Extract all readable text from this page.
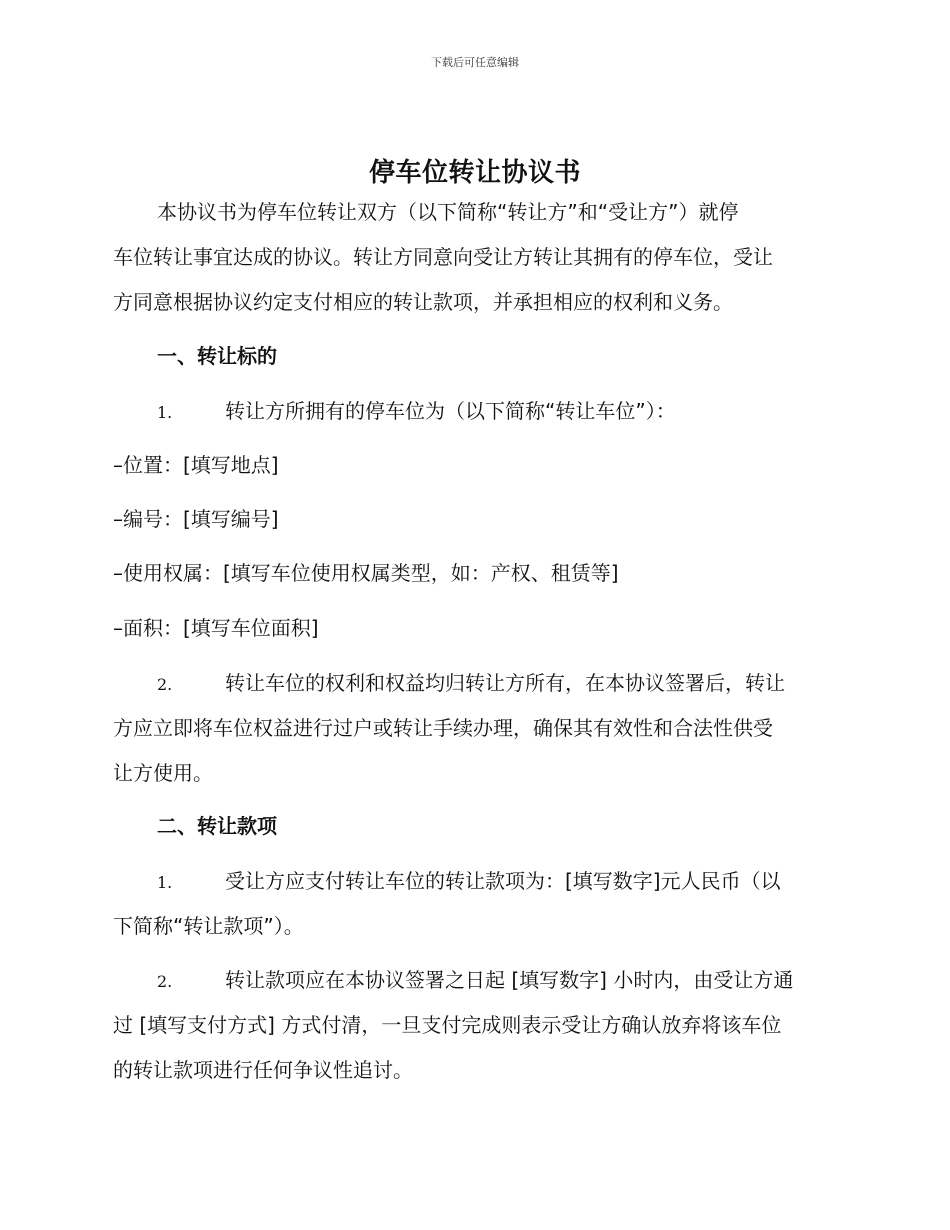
下载后可任意编辑
停车位转让协议书
本协议书为停车位转让双方（以下简称“转让方”和“受让方”）就停
车位转让事宜达成的协议。转让方同意向受让方转让其拥有的停车位，受让
方同意根据协议约定支付相应的转让款项，并承担相应的权利和义务。
一、转让标的
1.	转让方所拥有的停车位为（以下简称“转让车位”）：
–位置：[填写地点]
–编号：[填写编号]
–使用权属：[填写车位使用权属类型，如：产权、租赁等]
–面积：[填写车位面积]
2.	转让车位的权利和权益均归转让方所有，在本协议签署后，转让
方应立即将车位权益进行过户或转让手续办理，确保其有效性和合法性供受
让方使用。
二、转让款项
1.	受让方应支付转让车位的转让款项为：[填写数字]元人民币（以
下简称“转让款项”）。
2.	转让款项应在本协议签署之日起 [填写数字] 小时内，由受让方通
过 [填写支付方式] 方式付清，一旦支付完成则表示受让方确认放弃将该车位
的转让款项进行任何争议性追讨。
